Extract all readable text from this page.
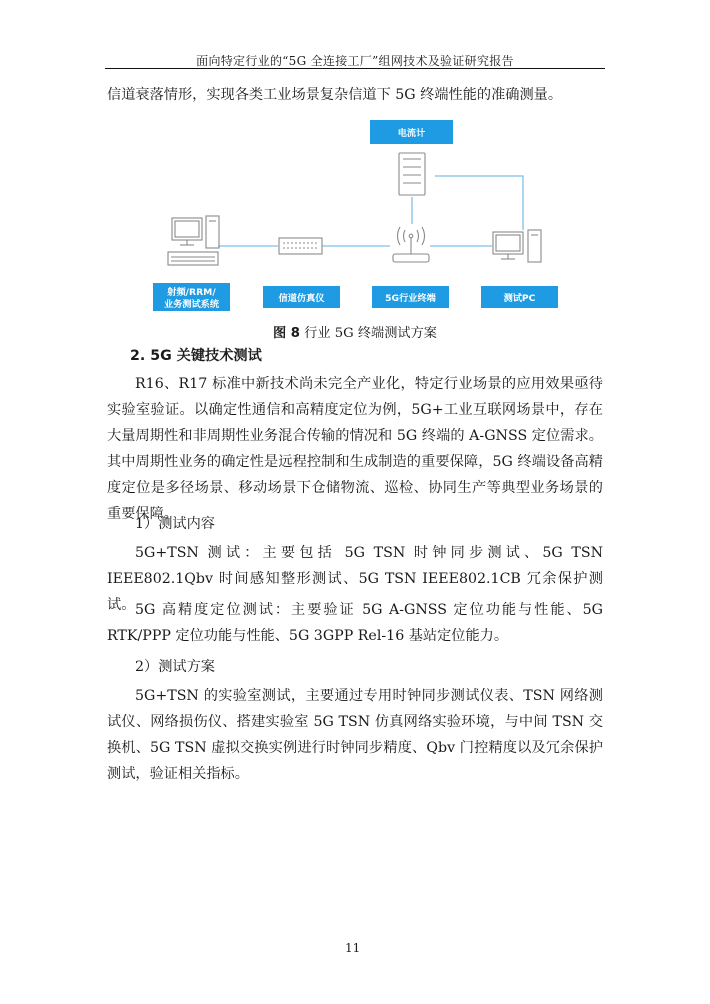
面向特定行业的“5G 全连接工厂”组网技术及验证研究报告
信道衰落情形，实现各类工业场景复杂信道下 5G 终端性能的准确测量。
电流计
射频/RRM/
业务测试系统
信道仿真仪	5G行业终端	测试PC
图 8 行业 5G 终端测试方案
2. 5G 关键技术测试
R16、R17 标准中新技术尚未完全产业化，特定行业场景的应用效果亟待实验室验证。以确定性通信和高精度定位为例，5G+工业互联网场景中，存在大量周期性和非周期性业务混合传输的情况和 5G 终端的 A-GNSS 定位需求。其中周期性业务的确定性是远程控制和生成制造的重要保障，5G 终端设备高精度定位是多径场景、移动场景下仓储物流、巡检、协同生产等典型业务场景的重要保障。
1）测试内容
5G+TSN 测试：主要包括 5G TSN 时钟同步测试、5G TSN IEEE802.1Qbv 时间感知整形测试、5G TSN IEEE802.1CB 冗余保护测试。 5G 高精度定位测试：主要验证 5G A-GNSS 定位功能与性能、5G RTK/PPP 定位功能与性能、5G 3GPP Rel-16 基站定位能力。
2）测试方案
5G+TSN 的实验室测试，主要通过专用时钟同步测试仪表、TSN 网络测试仪、网络损伤仪、搭建实验室 5G TSN 仿真网络实验环境，与中间 TSN 交换机、5G TSN 虚拟交换实例进行时钟同步精度、Qbv 门控精度以及冗余保护测试，验证相关指标。
11
